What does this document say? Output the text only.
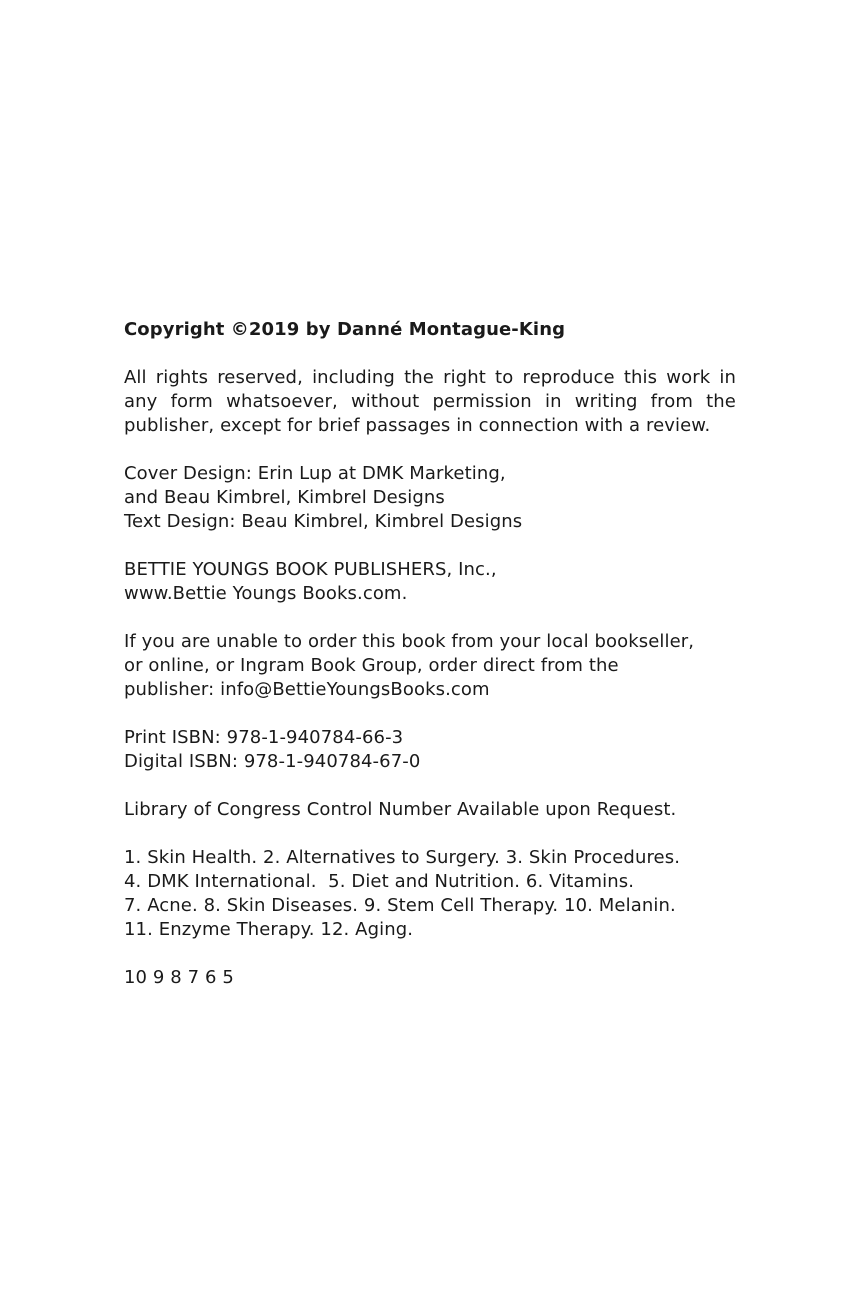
Copyright ©2019 by Danné Montague-King

All rights reserved, including the right to reproduce this work in any form whatsoever, without permission in writing from the publisher, except for brief passages in connection with a review.

Cover Design: Erin Lup at DMK Marketing,
and Beau Kimbrel, Kimbrel Designs
Text Design: Beau Kimbrel, Kimbrel Designs
BETTIE YOUNGS BOOK PUBLISHERS, Inc.,
www.Bettie Youngs Books.com.
If you are unable to order this book from your local bookseller,
or online, or Ingram Book Group, order direct from the
publisher: info@BettieYoungsBooks.com
Print ISBN: 978-1-940784-66-3
Digital ISBN: 978-1-940784-67-0
Library of Congress Control Number Available upon Request.
1. Skin Health. 2. Alternatives to Surgery. 3. Skin Procedures.
4. DMK International.  5. Diet and Nutrition. 6. Vitamins.
7. Acne. 8. Skin Diseases. 9. Stem Cell Therapy. 10. Melanin.
11. Enzyme Therapy. 12. Aging.
10 9 8 7 6 5
